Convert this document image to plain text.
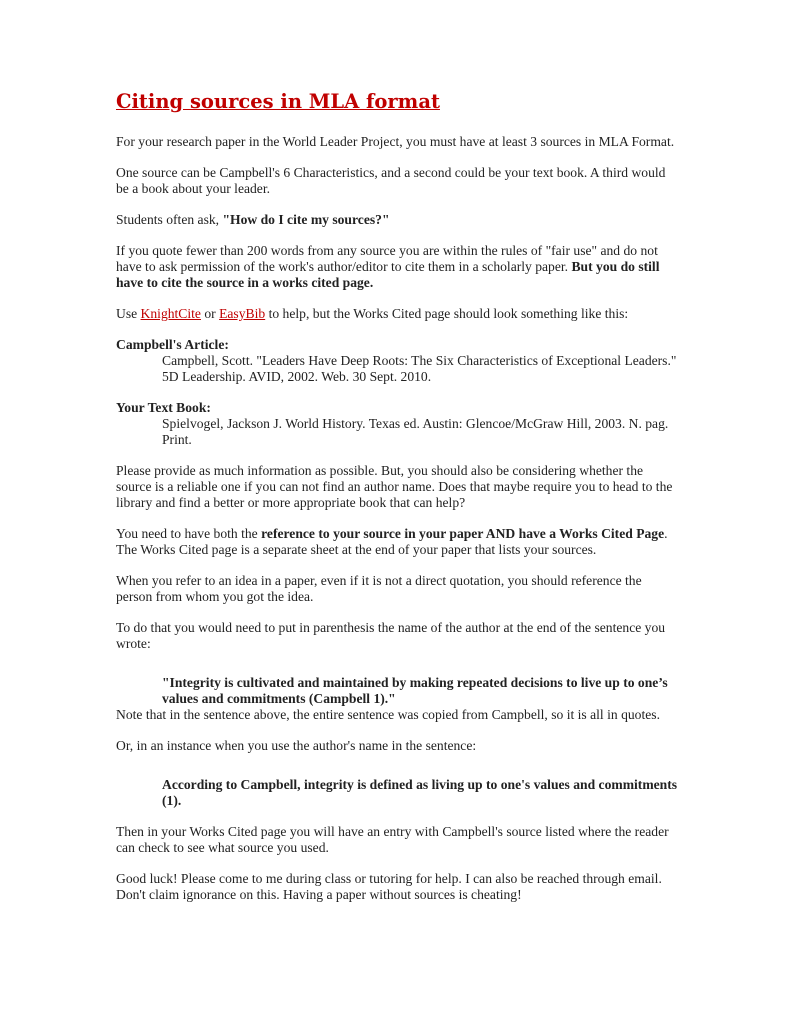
Citing sources in MLA format

For your research paper in the World Leader Project, you must have at least 3 sources in MLA Format.

One source can be Campbell's 6 Characteristics, and a second could be your text book. A third would be a book about your leader.

Students often ask, "How do I cite my sources?"

If you quote fewer than 200 words from any source you are within the rules of "fair use" and do not have to ask permission of the work's author/editor to cite them in a scholarly paper. But you do still have to cite the source in a works cited page.

Use KnightCite or EasyBib to help, but the Works Cited page should look something like this:

Campbell's Article:
Campbell, Scott. "Leaders Have Deep Roots: The Six Characteristics of Exceptional Leaders." 5D Leadership. AVID, 2002. Web. 30 Sept. 2010.
Your Text Book:
Spielvogel, Jackson J. World History. Texas ed. Austin: Glencoe/McGraw Hill, 2003. N. pag. Print.

Please provide as much information as possible. But, you should also be considering whether the source is a reliable one if you can not find an author name. Does that maybe require you to head to the library and find a better or more appropriate book that can help?

You need to have both the reference to your source in your paper AND have a Works Cited Page. The Works Cited page is a separate sheet at the end of your paper that lists your sources.

When you refer to an idea in a paper, even if it is not a direct quotation, you should reference the person from whom you got the idea.

To do that you would need to put in parenthesis the name of the author at the end of the sentence you wrote:

"Integrity is cultivated and maintained by making repeated decisions to live up to one’s values and commitments (Campbell 1)."

Note that in the sentence above, the entire sentence was copied from Campbell, so it is all in quotes.

Or, in an instance when you use the author's name in the sentence:

According to Campbell, integrity is defined as living up to one's values and commitments (1).

Then in your Works Cited page you will have an entry with Campbell's source listed where the reader can check to see what source you used.

Good luck! Please come to me during class or tutoring for help. I can also be reached through email. Don't claim ignorance on this. Having a paper without sources is cheating!
